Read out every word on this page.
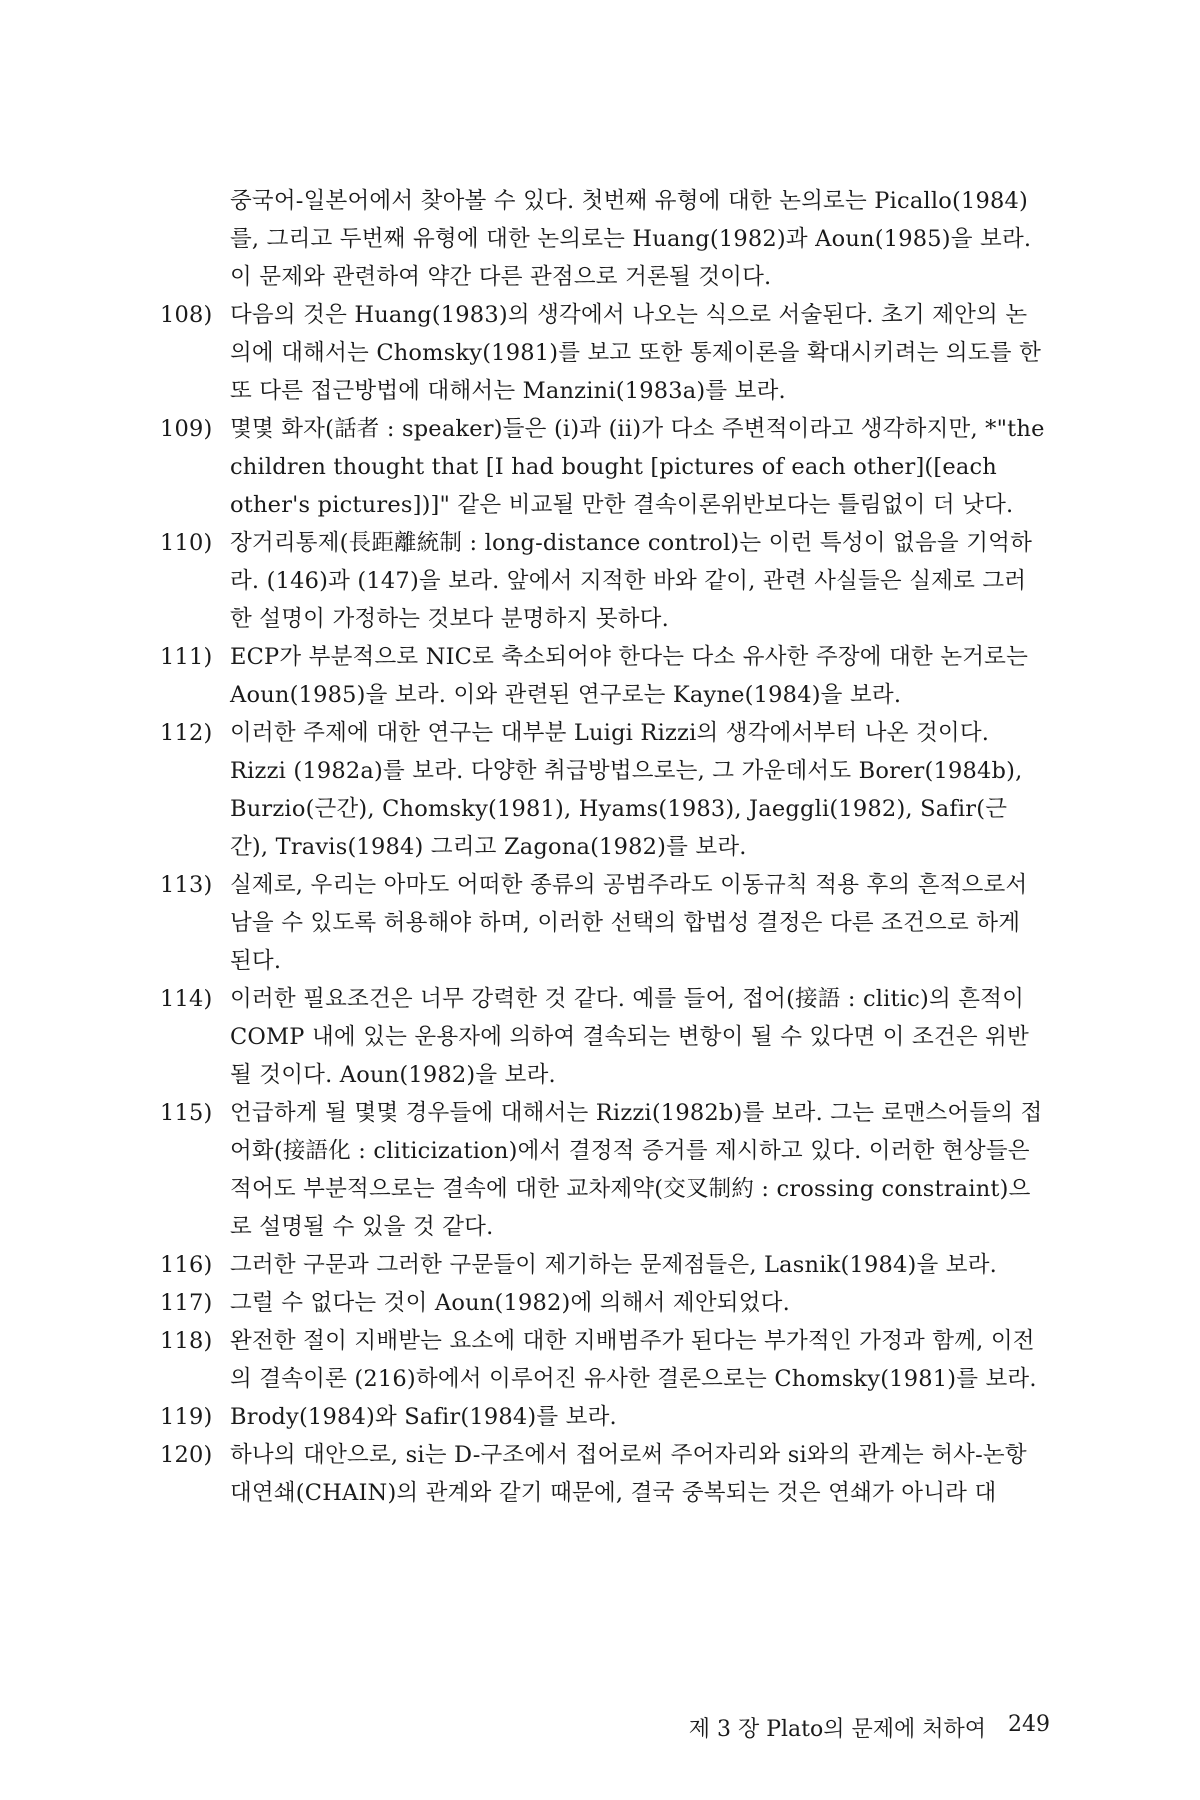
중국어-일본어에서 찾아볼 수 있다. 첫번째 유형에 대한 논의로는 Picallo(1984)를, 그리고 두번째 유형에 대한 논의로는 Huang(1982)과 Aoun(1985)을 보라. 이 문제와 관련하여 약간 다른 관점으로 거론될 것이다.

108) 다음의 것은 Huang(1983)의 생각에서 나오는 식으로 서술된다. 초기 제안의 논의에 대해서는 Chomsky(1981)를 보고 또한 통제이론을 확대시키려는 의도를 한 또 다른 접근방법에 대해서는 Manzini(1983a)를 보라.
109) 몇몇 화자(話者 : speaker)들은 (i)과 (ii)가 다소 주변적이라고 생각하지만, *"the children thought that [I had bought [pictures of each other]([each other's pictures])]" 같은 비교될 만한 결속이론위반보다는 틀림없이 더 낫다.
110) 장거리통제(長距離統制 : long-distance control)는 이런 특성이 없음을 기억하라. (146)과 (147)을 보라. 앞에서 지적한 바와 같이, 관련 사실들은 실제로 그러한 설명이 가정하는 것보다 분명하지 못하다.
111) ECP가 부분적으로 NIC로 축소되어야 한다는 다소 유사한 주장에 대한 논거로는 Aoun(1985)을 보라. 이와 관련된 연구로는 Kayne(1984)을 보라.
112) 이러한 주제에 대한 연구는 대부분 Luigi Rizzi의 생각에서부터 나온 것이다. Rizzi (1982a)를 보라. 다양한 취급방법으로는, 그 가운데서도 Borer(1984b), Burzio(근간), Chomsky(1981), Hyams(1983), Jaeggli(1982), Safir(근간), Travis(1984) 그리고 Zagona(1982)를 보라.
113) 실제로, 우리는 아마도 어떠한 종류의 공범주라도 이동규칙 적용 후의 흔적으로서 남을 수 있도록 허용해야 하며, 이러한 선택의 합법성 결정은 다른 조건으로 하게 된다.
114) 이러한 필요조건은 너무 강력한 것 같다. 예를 들어, 접어(接語 : clitic)의 흔적이 COMP 내에 있는 운용자에 의하여 결속되는 변항이 될 수 있다면 이 조건은 위반될 것이다. Aoun(1982)을 보라.
115) 언급하게 될 몇몇 경우들에 대해서는 Rizzi(1982b)를 보라. 그는 로맨스어들의 접어화(接語化 : cliticization)에서 결정적 증거를 제시하고 있다. 이러한 현상들은 적어도 부분적으로는 결속에 대한 교차제약(交叉制約 : crossing constraint)으로 설명될 수 있을 것 같다.
116) 그러한 구문과 그러한 구문들이 제기하는 문제점들은, Lasnik(1984)을 보라.
117) 그럴 수 없다는 것이 Aoun(1982)에 의해서 제안되었다.
118) 완전한 절이 지배받는 요소에 대한 지배범주가 된다는 부가적인 가정과 함께, 이전의 결속이론 (216)하에서 이루어진 유사한 결론으로는 Chomsky(1981)를 보라.
119) Brody(1984)와 Safir(1984)를 보라.
120) 하나의 대안으로, si는 D-구조에서 접어로써 주어자리와 si와의 관계는 허사-논항 대연쇄(CHAIN)의 관계와 같기 때문에, 결국 중복되는 것은 연쇄가 아니라 대
제 3 장 Plato의 문제에 처하여 249
